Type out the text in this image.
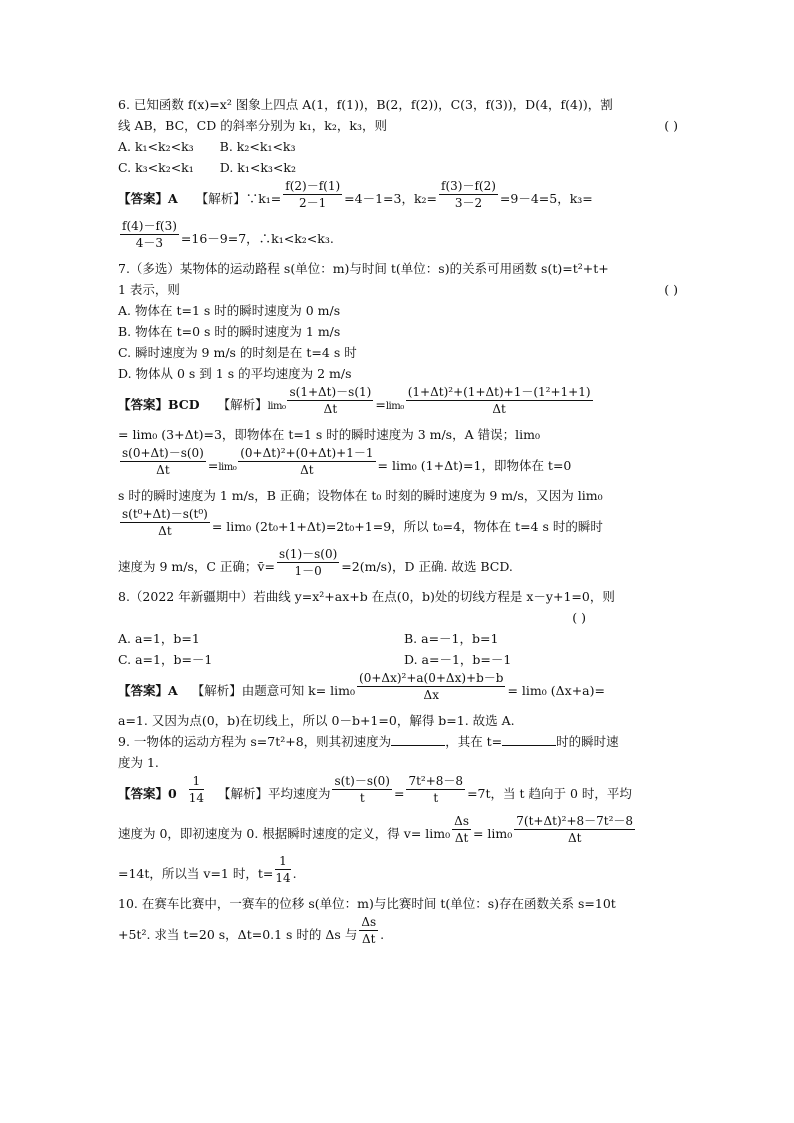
6. 已知函数 f(x)=x² 图象上四点 A(1，f(1))，B(2，f(2))，C(3，f(3))，D(4，f(4))，割
线 AB，BC，CD 的斜率分别为 k₁，k₂，k₃，则	( )
A. k₁<k₂<k₃ B. k₂<k₁<k₃
C. k₃<k₂<k₁ D. k₁<k₃<k₂
【答案】A 【解析】∵k₁= $\frac{f(2)-f(1)}{2-1} =4-1=3$，$k_2= \frac{f(3)-f(2)}{3-2} =9-4=5$，k₃=
$\frac{f(4)-f(3)}{4-3} =16-9=7$，∴k₁<k₂<k₃.
7.（多选）某物体的运动路程 s(单位：m)与时间 t(单位：s)的关系可用函数 s(t)=t²+t+
1 表示，则	( )
A. 物体在 t=1 s 时的瞬时速度为 0 m/s
B. 物体在 t=0 s 时的瞬时速度为 1 m/s
C. 瞬时速度为 9 m/s 的时刻是在 t=4 s 时
D. 物体从 0 s 到 1 s 的平均速度为 2 m/s
【答案】BCD 【解析】$\lim_0 \frac{s(1+\Delta t)-s(1)}{\Delta t} =\lim_0 \frac{\text{(1+Δt)²+(1+Δt)+1－(1²+1+1)}}{\Delta t}$
= lim₀ (3+Δt)=3，即物体在 t=1 s 时的瞬时速度为 3 m/s，A 错误；lim₀
$\frac{s(0+\Delta t)-s(0)}{\Delta t} =\lim_0 \frac{\text{(0+Δt)²+(0+Δt)+1－1}}{\Delta t} = \lim_0$ (1+Δt)=1，即物体在 t=0
s 时的瞬时速度为 1 m/s，B 正确；设物体在 t₀ 时刻的瞬时速度为 9 m/s，又因为 lim₀
$\frac{\text{s(t⁰+Δt)－s(t⁰)}}{\Delta t} = \lim_0$ (2t₀+1+Δt)=2t₀+1=9，所以 t₀=4，物体在 t=4 s 时的瞬时
速度为 9 m/s，C 正确；v̄= $\frac{s(1)-s(0)}{1-0} =2(m/s)$，D 正确. 故选 BCD.
8.（2022 年新疆期中）若曲线 y=x²+ax+b 在点(0，b)处的切线方程是 x－y+1=0，则
( )
A. a=1，b=1	B. a=－1，b=1
C. a=1，b=－1	D. a=－1，b=－1
【答案】A 【解析】由题意可知 $k= \lim_0 \frac{\text{(0+Δx)²+a(0+Δx)+b－b}}{\Delta x} = \lim_0$ (Δx+a)=
a=1. 又因为点(0，b)在切线上，所以 0－b+1=0，解得 b=1. 故选 A.
9. 一物体的运动方程为 s=7t²+8，则其初速度为	，其在 t=	时的瞬时速
度为 1.
【答案】$0 \frac{1}{14}$ 【解析】平均速度为 $\frac{s(t)-s(0)}{t} = \frac{\text{7t²+8－8}}{t} =7t$，当 t 趋向于 0 时，平均
速度为 0，即初速度为 0. 根据瞬时速度的定义，得 $v= \lim_0 \frac{\Delta s}{\Delta t} = \lim_0 \frac{\text{7(t+Δt)²+8－7t²－8}}{\Delta t}$
=14t，所以当 v=1 时，$t= \frac{1}{14}$ .
10. 在赛车比赛中，一赛车的位移 s(单位：m)与比赛时间 t(单位：s)存在函数关系 s=10t
+5t². 求当 t=20 s，Δt=0.1 s 时的 Δs 与 $\frac{\Delta s}{\Delta t}$ .
